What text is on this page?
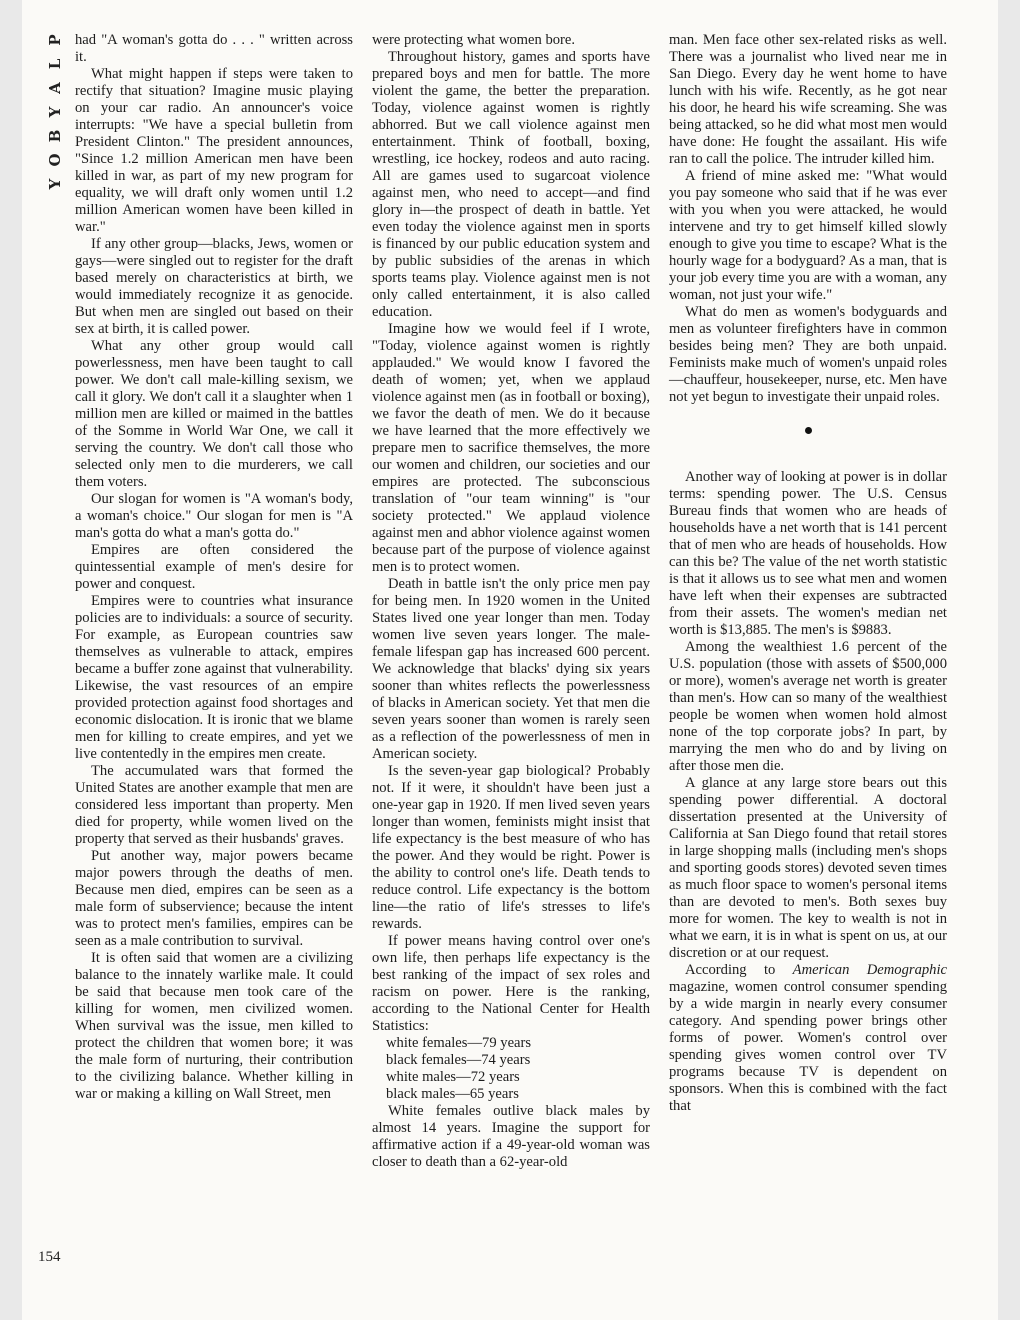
P
L
A
Y
B
O
Y
154

had "A woman's gotta do . . . " written across it.

What might happen if steps were taken to rectify that situation? Imagine music playing on your car radio. An announcer's voice interrupts: "We have a special bulletin from President Clinton." The president announces, "Since 1.2 million American men have been killed in war, as part of my new program for equality, we will draft only women until 1.2 million American women have been killed in war."

If any other group—blacks, Jews, women or gays—were singled out to register for the draft based merely on characteristics at birth, we would immediately recognize it as genocide. But when men are singled out based on their sex at birth, it is called power.

What any other group would call powerlessness, men have been taught to call power. We don't call male-killing sexism, we call it glory. We don't call it a slaughter when 1 million men are killed or maimed in the battles of the Somme in World War One, we call it serving the country. We don't call those who selected only men to die murderers, we call them voters.

Our slogan for women is "A woman's body, a woman's choice." Our slogan for men is "A man's gotta do what a man's gotta do."

Empires are often considered the quintessential example of men's desire for power and conquest.

Empires were to countries what insurance policies are to individuals: a source of security. For example, as European countries saw themselves as vulnerable to attack, empires became a buffer zone against that vulnerability. Likewise, the vast resources of an empire provided protection against food shortages and economic dislocation. It is ironic that we blame men for killing to create empires, and yet we live contentedly in the empires men create.

The accumulated wars that formed the United States are another example that men are considered less important than property. Men died for property, while women lived on the property that served as their husbands' graves.

Put another way, major powers became major powers through the deaths of men. Because men died, empires can be seen as a male form of subservience; because the intent was to protect men's families, empires can be seen as a male contribution to survival.

It is often said that women are a civilizing balance to the innately warlike male. It could be said that because men took care of the killing for women, men civilized women. When survival was the issue, men killed to protect the children that women bore; it was the male form of nurturing, their contribution to the civilizing balance. Whether killing in war or making a killing on Wall Street, men

were protecting what women bore.

Throughout history, games and sports have prepared boys and men for battle. The more violent the game, the better the preparation. Today, violence against women is rightly abhorred. But we call violence against men entertainment. Think of football, boxing, wrestling, ice hockey, rodeos and auto racing. All are games used to sugarcoat violence against men, who need to accept—and find glory in—the prospect of death in battle. Yet even today the violence against men in sports is financed by our public education system and by public subsidies of the arenas in which sports teams play. Violence against men is not only called entertainment, it is also called education.

Imagine how we would feel if I wrote, "Today, violence against women is rightly applauded." We would know I favored the death of women; yet, when we applaud violence against men (as in football or boxing), we favor the death of men. We do it because we have learned that the more effectively we prepare men to sacrifice themselves, the more our women and children, our societies and our empires are protected. The subconscious translation of "our team winning" is "our society protected." We applaud violence against men and abhor violence against women because part of the purpose of violence against men is to protect women.

Death in battle isn't the only price men pay for being men. In 1920 women in the United States lived one year longer than men. Today women live seven years longer. The male-female lifespan gap has increased 600 percent. We acknowledge that blacks' dying six years sooner than whites reflects the powerlessness of blacks in American society. Yet that men die seven years sooner than women is rarely seen as a reflection of the powerlessness of men in American society.

Is the seven-year gap biological? Probably not. If it were, it shouldn't have been just a one-year gap in 1920. If men lived seven years longer than women, feminists might insist that life expectancy is the best measure of who has the power. And they would be right. Power is the ability to control one's life. Death tends to reduce control. Life expectancy is the bottom line—the ratio of life's stresses to life's rewards.

If power means having control over one's own life, then perhaps life expectancy is the best ranking of the impact of sex roles and racism on power. Here is the ranking, according to the National Center for Health Statistics:

white females—79 years
black females—74 years
white males—72 years
black males—65 years

White females outlive black males by almost 14 years. Imagine the support for affirmative action if a 49-year-old woman was closer to death than a 62-year-old

man. Men face other sex-related risks as well. There was a journalist who lived near me in San Diego. Every day he went home to have lunch with his wife. Recently, as he got near his door, he heard his wife screaming. She was being attacked, so he did what most men would have done: He fought the assailant. His wife ran to call the police. The intruder killed him.

A friend of mine asked me: "What would you pay someone who said that if he was ever with you when you were attacked, he would intervene and try to get himself killed slowly enough to give you time to escape? What is the hourly wage for a bodyguard? As a man, that is your job every time you are with a woman, any woman, not just your wife."

What do men as women's bodyguards and men as volunteer firefighters have in common besides being men? They are both unpaid. Feminists make much of women's unpaid roles—chauffeur, housekeeper, nurse, etc. Men have not yet begun to investigate their unpaid roles.

Another way of looking at power is in dollar terms: spending power. The U.S. Census Bureau finds that women who are heads of households have a net worth that is 141 percent that of men who are heads of households. How can this be? The value of the net worth statistic is that it allows us to see what men and women have left when their expenses are subtracted from their assets. The women's median net worth is $13,885. The men's is $9883.

Among the wealthiest 1.6 percent of the U.S. population (those with assets of $500,000 or more), women's average net worth is greater than men's. How can so many of the wealthiest people be women when women hold almost none of the top corporate jobs? In part, by marrying the men who do and by living on after those men die.

A glance at any large store bears out this spending power differential. A doctoral dissertation presented at the University of California at San Diego found that retail stores in large shopping malls (including men's shops and sporting goods stores) devoted seven times as much floor space to women's personal items than are devoted to men's. Both sexes buy more for women. The key to wealth is not in what we earn, it is in what is spent on us, at our discretion or at our request.

According to American Demographic magazine, women control consumer spending by a wide margin in nearly every consumer category. And spending power brings other forms of power. Women's control over spending gives women control over TV programs because TV is dependent on sponsors. When this is combined with the fact that
